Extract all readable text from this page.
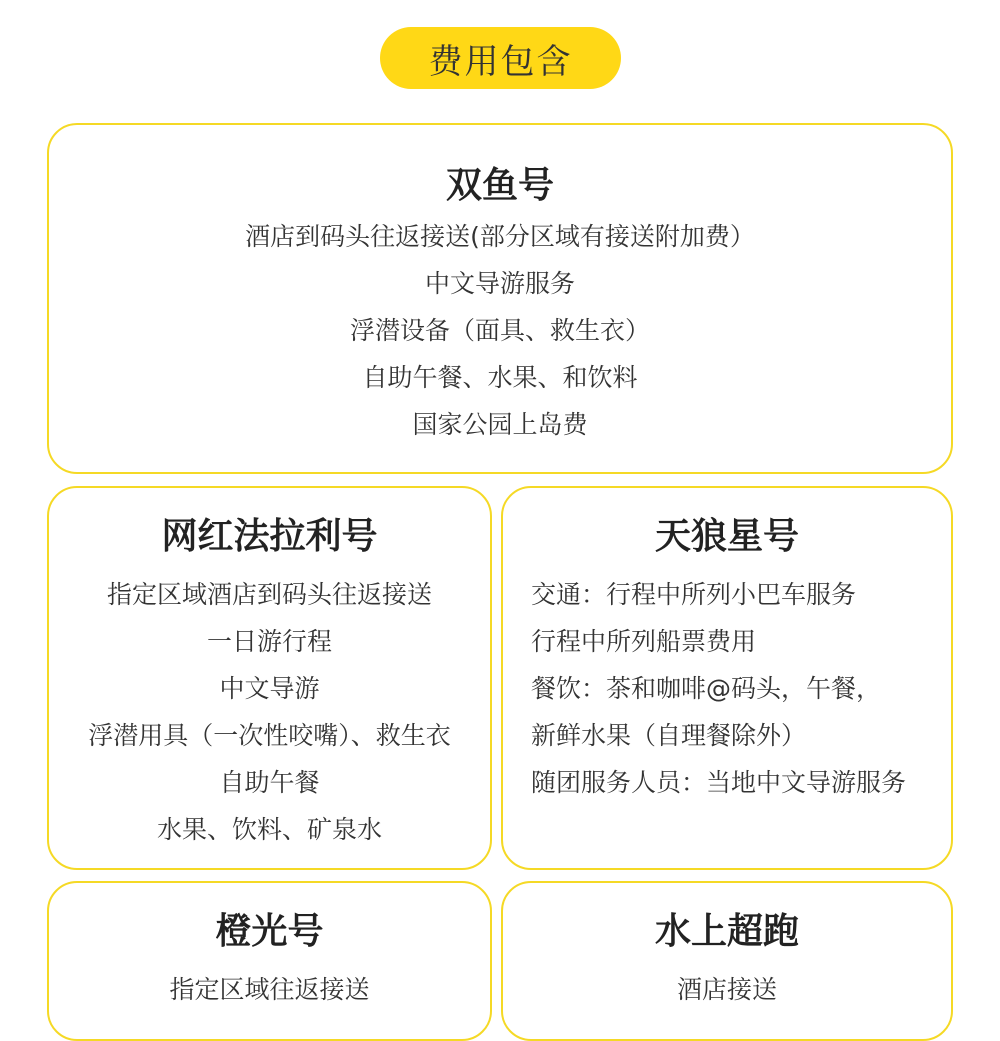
费用包含
双鱼号
酒店到码头往返接送(部分区域有接送附加费）
中文导游服务
浮潜设备（面具、救生衣）
自助午餐、水果、和饮料
国家公园上岛费
网红法拉利号
指定区域酒店到码头往返接送
一日游行程
中文导游
浮潜用具（一次性咬嘴）、救生衣
自助午餐
水果、饮料、矿泉水
天狼星号
交通：行程中所列小巴车服务
行程中所列船票费用
餐饮：茶和咖啡@码头，午餐，
新鲜水果（自理餐除外）
随团服务人员：当地中文导游服务
橙光号
指定区域往返接送
水上超跑
酒店接送
